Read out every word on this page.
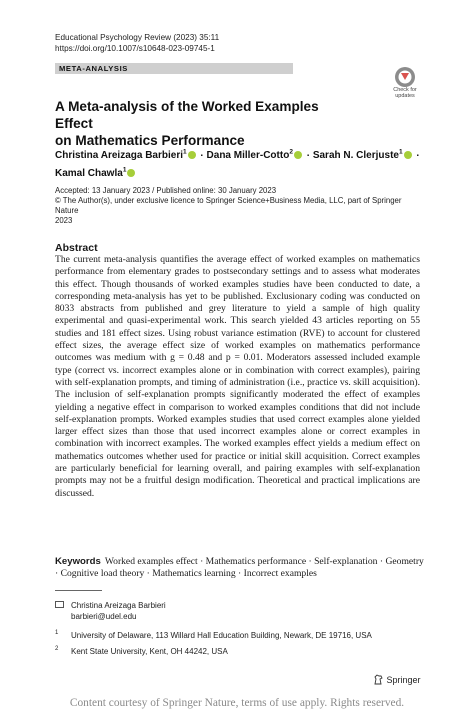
Educational Psychology Review (2023) 35:11
https://doi.org/10.1007/s10648-023-09745-1
META-ANALYSIS
Check for
updates
A Meta-analysis of the Worked Examples Effect
on Mathematics Performance
Christina Areizaga Barbieri$^1$ · Dana Miller-Cotto$^2$ · Sarah N. Clerjuste$^1$ ·
Kamal Chawla$^1$
Accepted: 13 January 2023 / Published online: 30 January 2023
© The Author(s), under exclusive licence to Springer Science+Business Media, LLC, part of Springer Nature
2023
Abstract
The current meta-analysis quantifies the average effect of worked examples on mathematics performance from elementary grades to postsecondary settings and to assess what moderates this effect. Though thousands of worked examples studies have been conducted to date, a corresponding meta-analysis has yet to be published. Exclusionary coding was conducted on 8033 abstracts from published and grey literature to yield a sample of high quality experimental and quasi-experimental work. This search yielded 43 articles reporting on 55 studies and 181 effect sizes. Using robust variance estimation (RVE) to account for clustered effect sizes, the average effect size of worked examples on mathematics performance outcomes was medium with g = 0.48 and p = 0.01. Moderators assessed included example type (correct vs. incorrect examples alone or in combination with correct examples), pairing with self-explanation prompts, and timing of administration (i.e., practice vs. skill acquisition). The inclusion of self-explanation prompts significantly moderated the effect of examples yielding a negative effect in comparison to worked examples conditions that did not include self-explanation prompts. Worked examples studies that used correct examples alone yielded larger effect sizes than those that used incorrect examples alone or correct examples in combination with incorrect examples. The worked examples effect yields a medium effect on mathematics outcomes whether used for practice or initial skill acquisition. Correct examples are particularly beneficial for learning overall, and pairing examples with self-explanation prompts may not be a fruitful design modification. Theoretical and practical implications are discussed.
Keywords Worked examples effect · Mathematics performance · Self-explanation · Geometry · Cognitive load theory · Mathematics learning · Incorrect examples
Christina Areizaga Barbieri
barbieri@udel.edu
1 University of Delaware, 113 Willard Hall Education Building, Newark, DE 19716, USA
2 Kent State University, Kent, OH 44242, USA
Springer
Content courtesy of Springer Nature, terms of use apply. Rights reserved.
